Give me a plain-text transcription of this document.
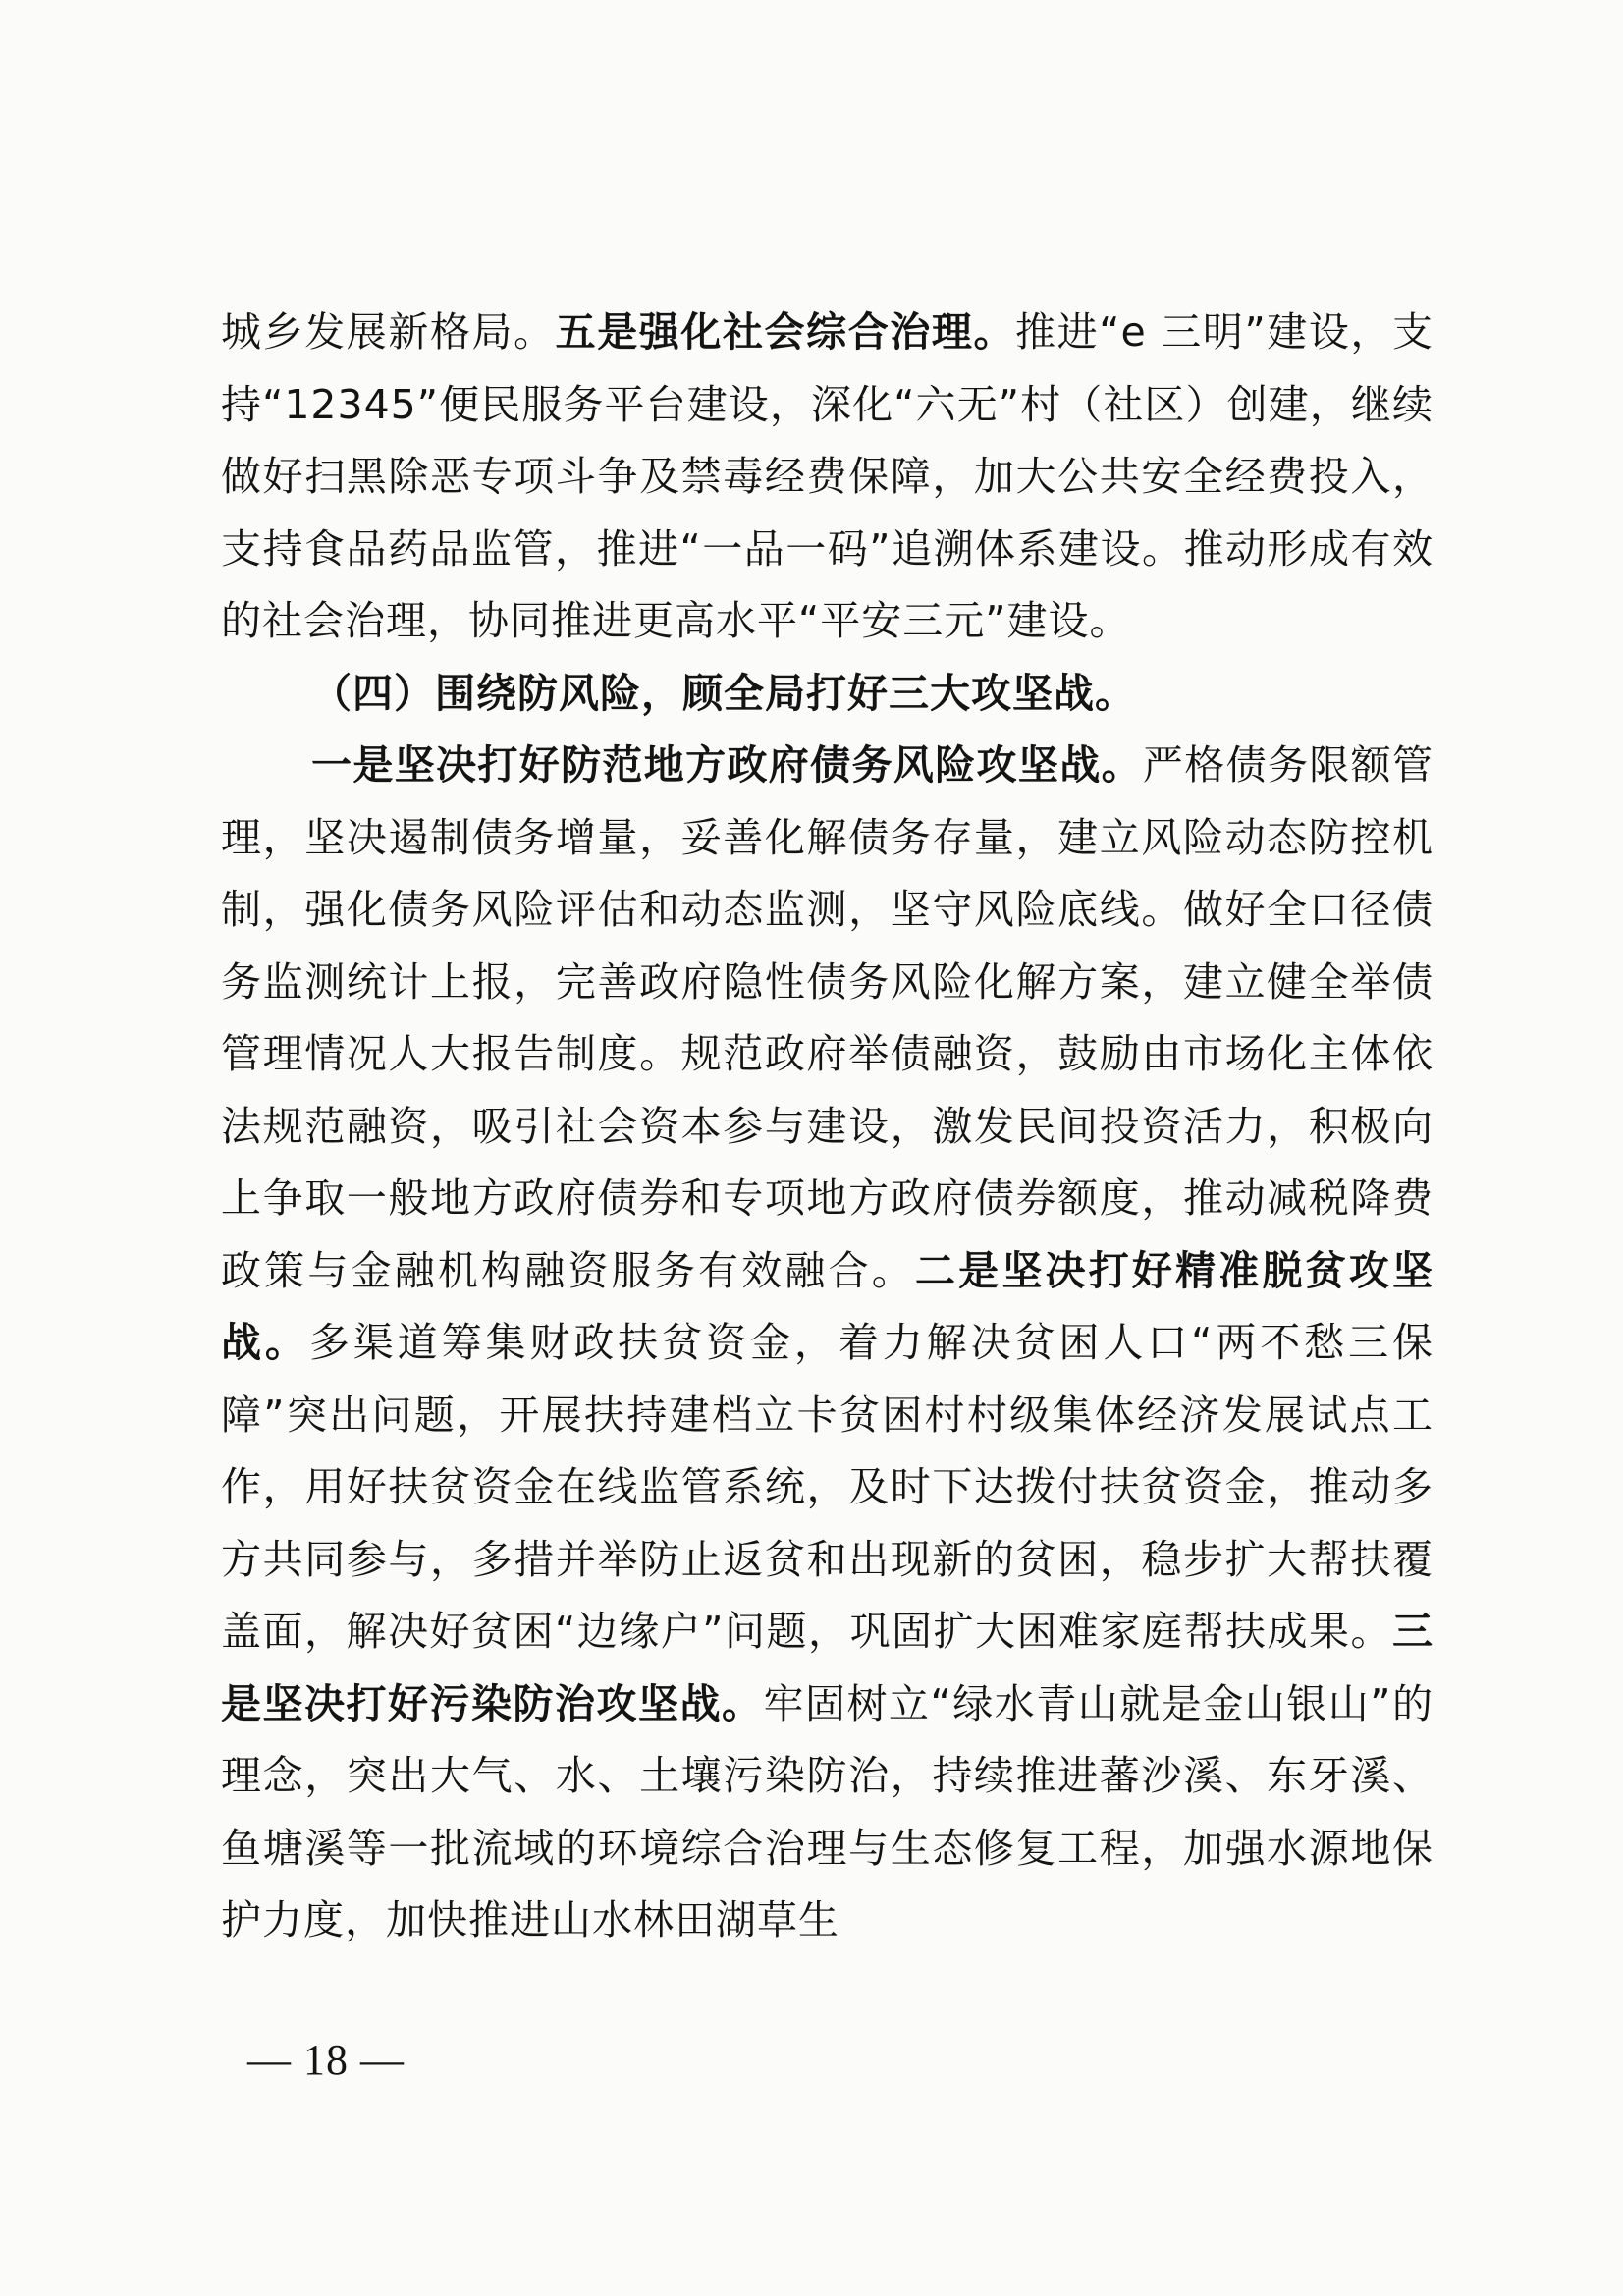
城乡发展新格局。五是强化社会综合治理。推进“e 三明”建设，支持“12345”便民服务平台建设，深化“六无”村（社区）创建，继续做好扫黑除恶专项斗争及禁毒经费保障，加大公共安全经费投入，支持食品药品监管，推进“一品一码”追溯体系建设。推动形成有效的社会治理，协同推进更高水平“平安三元”建设。

（四）围绕防风险，顾全局打好三大攻坚战。

一是坚决打好防范地方政府债务风险攻坚战。严格债务限额管理，坚决遏制债务增量，妥善化解债务存量，建立风险动态防控机制，强化债务风险评估和动态监测，坚守风险底线。做好全口径债务监测统计上报，完善政府隐性债务风险化解方案，建立健全举债管理情况人大报告制度。规范政府举债融资，鼓励由市场化主体依法规范融资，吸引社会资本参与建设，激发民间投资活力，积极向上争取一般地方政府债券和专项地方政府债券额度，推动减税降费政策与金融机构融资服务有效融合。二是坚决打好精准脱贫攻坚战。多渠道筹集财政扶贫资金，着力解决贫困人口“两不愁三保障”突出问题，开展扶持建档立卡贫困村村级集体经济发展试点工作，用好扶贫资金在线监管系统，及时下达拨付扶贫资金，推动多方共同参与，多措并举防止返贫和出现新的贫困，稳步扩大帮扶覆盖面，解决好贫困“边缘户”问题，巩固扩大困难家庭帮扶成果。三是坚决打好污染防治攻坚战。牢固树立“绿水青山就是金山银山”的理念，突出大气、水、土壤污染防治，持续推进蕃沙溪、东牙溪、鱼塘溪等一批流域的环境综合治理与生态修复工程，加强水源地保护力度，加快推进山水林田湖草生

— 18 —
